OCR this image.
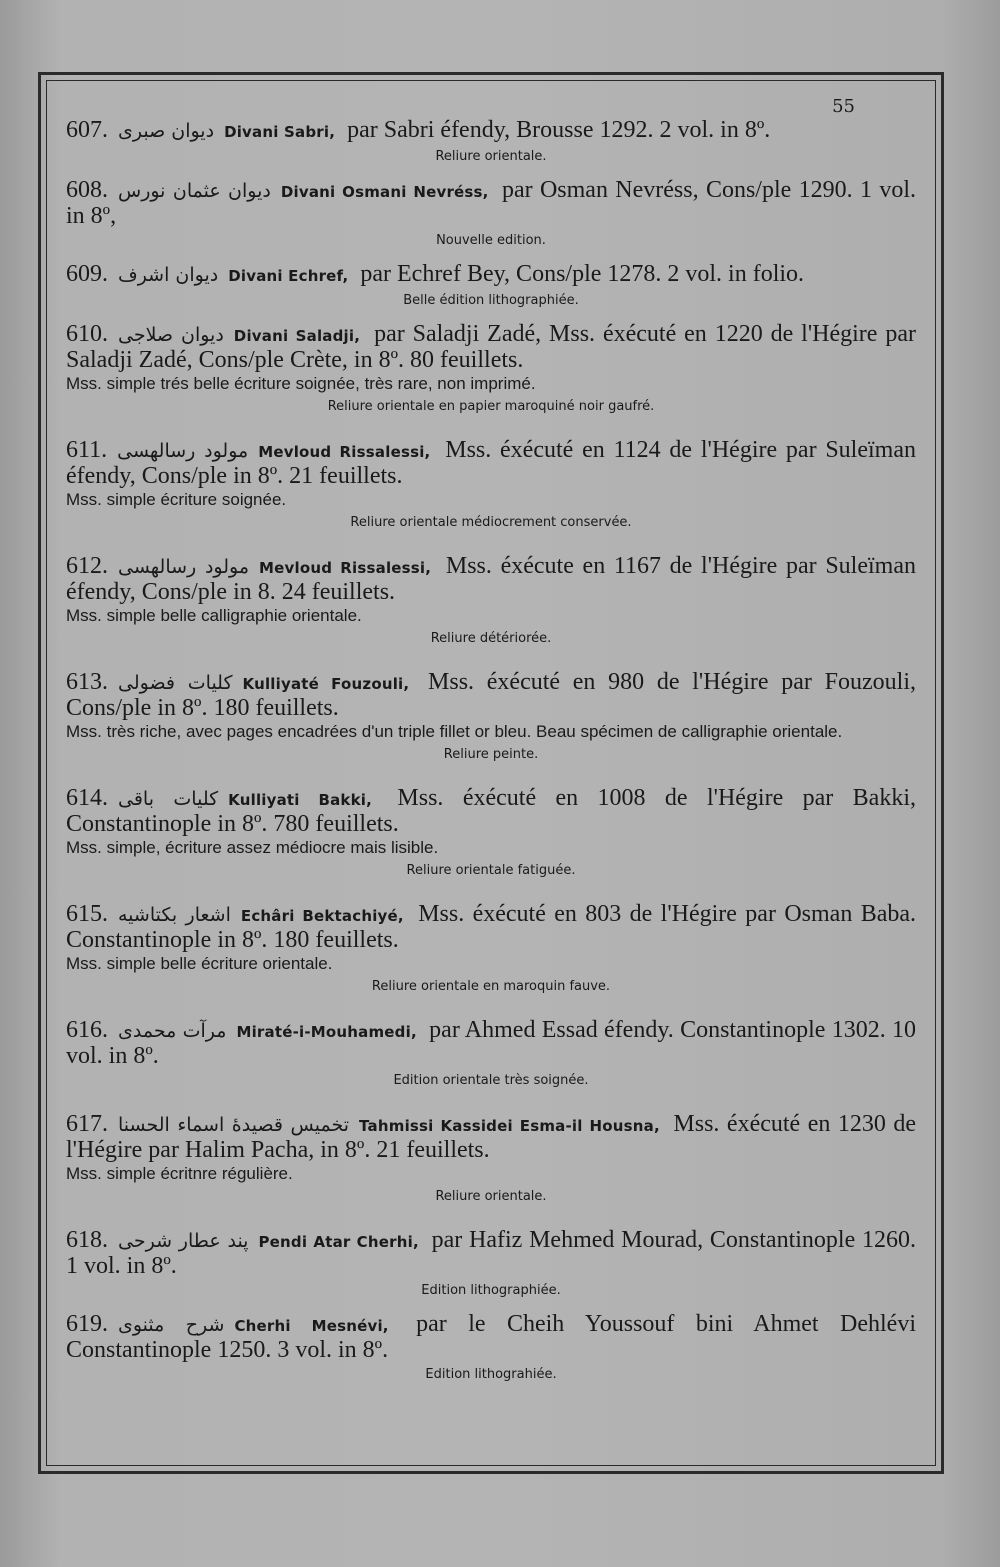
55

607. ديوان صبرى Divani Sabri, par Sabri éfendy, Brousse 1292. 2 vol. in 8º.

Reliure orientale.

608. ديوان عثمان نورس Divani Osmani Nevréss, par Osman Nevréss, Cons/ple 1290. 1 vol. in 8º,

Nouvelle edition.

609. ديوان اشرف Divani Echref, par Echref Bey, Cons/ple 1278. 2 vol. in folio.

Belle édition lithographiée.

610. ديوان صلاجى Divani Saladji, par Saladji Zadé, Mss. éxécuté en 1220 de l'Hégire par Saladji Zadé, Cons/ple Crète, in 8º. 80 feuillets.

Mss. simple trés belle écriture soignée, très rare, non imprimé.

Reliure orientale en papier maroquiné noir gaufré.

611. مولود رسالهسى Mevloud Rissalessi, Mss. éxécuté en 1124 de l'Hégire par Suleïman éfendy, Cons/ple in 8º. 21 feuillets.

Mss. simple écriture soignée.

Reliure orientale médiocrement conservée.

612. مولود رسالهسى Mevloud Rissalessi, Mss. éxécute en 1167 de l'Hégire par Suleïman éfendy, Cons/ple in 8. 24 feuillets.

Mss. simple belle calligraphie orientale.

Reliure détériorée.

613. كليات فضولى Kulliyaté Fouzouli, Mss. éxécuté en 980 de l'Hégire par Fouzouli, Cons/ple in 8º. 180 feuillets.

Mss. très riche, avec pages encadrées d'un triple fillet or bleu. Beau spécimen de calligraphie orientale.

Reliure peinte.

614. كليات باقى Kulliyati Bakki, Mss. éxécuté en 1008 de l'Hégire par Bakki, Constantinople in 8º. 780 feuillets.

Mss. simple, écriture assez médiocre mais lisible.

Reliure orientale fatiguée.

615. اشعار بكتاشيه Echâri Bektachiyé, Mss. éxécuté en 803 de l'Hégire par Osman Baba. Constantinople in 8º. 180 feuillets.

Mss. simple belle écriture orientale.

Reliure orientale en maroquin fauve.

616. مرآت محمدى Miraté-i-Mouhamedi, par Ahmed Essad éfendy. Constantinople 1302. 10 vol. in 8º.

Edition orientale très soignée.

617. تخميس قصيدهٔ اسماء الحسنا Tahmissi Kassidei Esma-il Housna, Mss. éxécuté en 1230 de l'Hégire par Halim Pacha, in 8º. 21 feuillets.

Mss. simple écritnre régulière.

Reliure orientale.

618. پند عطار شرحى Pendi Atar Cherhi, par Hafiz Mehmed Mourad, Constantinople 1260. 1 vol. in 8º.

Edition lithographiée.

619. شرح مثنوى Cherhi Mesnévi, par le Cheih Youssouf bini Ahmet Dehlévi Constantinople 1250. 3 vol. in 8º.

Edition lithograhiée.
